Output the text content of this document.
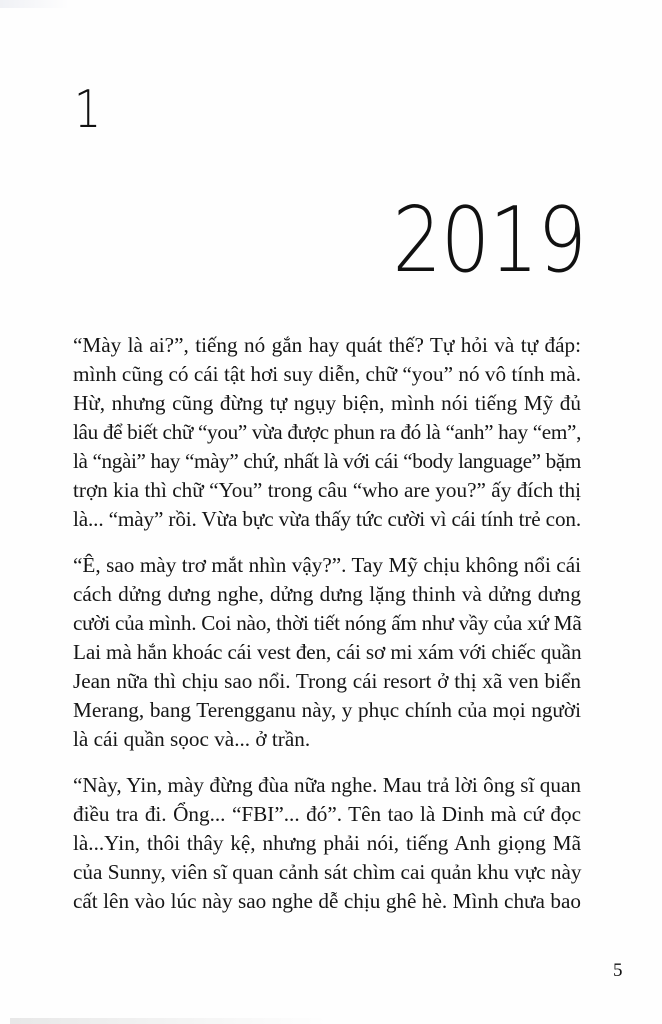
1
2019

“Mày là ai?”, tiếng nó gắn hay quát thế? Tự hỏi và tự đáp:
mình cũng có cái tật hơi suy diễn, chữ “you” nó vô tính mà.
Hừ, nhưng cũng đừng tự ngụy biện, mình nói tiếng Mỹ đủ
lâu để biết chữ “you” vừa được phun ra đó là “anh” hay “em”,
là “ngài” hay “mày” chứ, nhất là với cái “body language” bặm
trợn kia thì chữ “You” trong câu “who are you?” ấy đích thị
là... “mày” rồi. Vừa bực vừa thấy tức cười vì cái tính trẻ con.

“Ê, sao mày trơ mắt nhìn vậy?”. Tay Mỹ chịu không nổi cái
cách dửng dưng nghe, dửng dưng lặng thinh và dửng dưng
cười của mình. Coi nào, thời tiết nóng ấm như vầy của xứ Mã
Lai mà hắn khoác cái vest đen, cái sơ mi xám với chiếc quần
Jean nữa thì chịu sao nổi. Trong cái resort ở thị xã ven biển
Merang, bang Terengganu này, y phục chính của mọi người
là cái quần sọoc và... ở trần.

“Này, Yin, mày đừng đùa nữa nghe. Mau trả lời ông sĩ quan
điều tra đi. Ổng... “FBI”... đó”. Tên tao là Dinh mà cứ đọc
là...Yin, thôi thây kệ, nhưng phải nói, tiếng Anh giọng Mã
của Sunny, viên sĩ quan cảnh sát chìm cai quản khu vực này
cất lên vào lúc này sao nghe dễ chịu ghê hè. Mình chưa bao

5
